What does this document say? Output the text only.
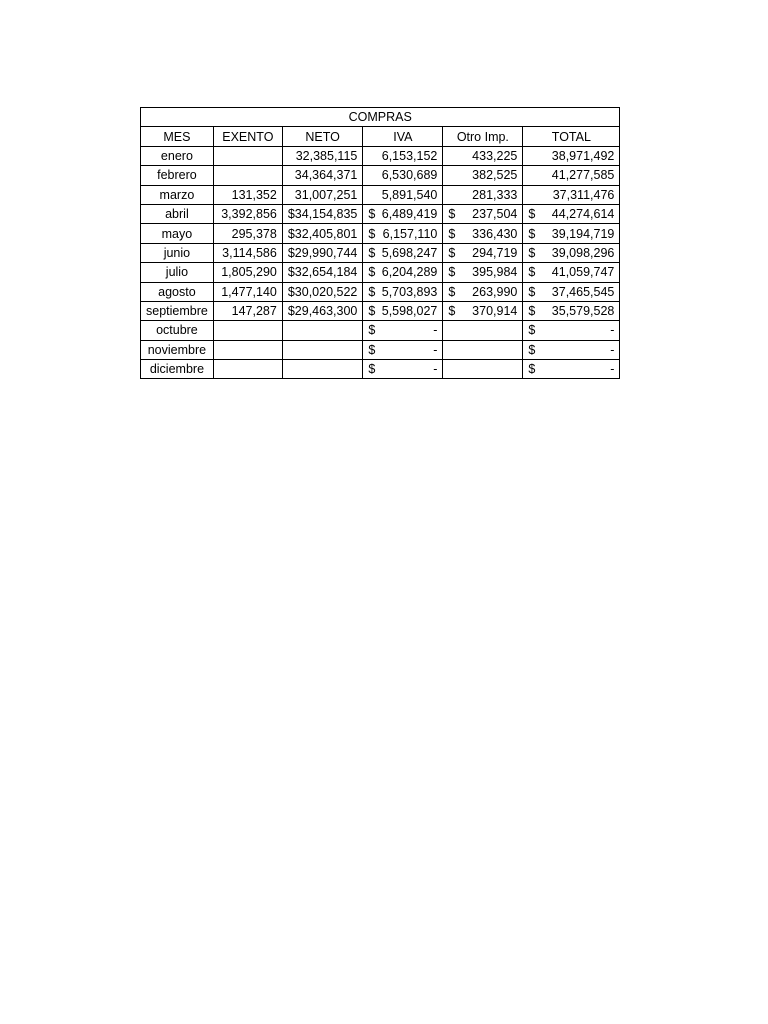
COMPRAS					
MES	EXENTO	NETO	IVA	Otro Imp.	TOTAL
enero		32,385,115	6,153,152	433,225	38,971,492

febrero		34,364,371	6,530,689	382,525	41,277,585

marzo	131,352	31,007,251	5,891,540	281,333	37,311,476

abril	3,392,856	$34,154,835	$ 6,489,419	$ 237,504	$ 44,274,614

mayo	295,378	$32,405,801	$ 6,157,110	$ 336,430	$ 39,194,719

junio	3,114,586	$29,990,744	$ 5,698,247	$ 294,719	$ 39,098,296

julio	1,805,290	$32,654,184	$ 6,204,289	$ 395,984	$ 41,059,747

agosto	1,477,140	$30,020,522	$ 5,703,893	$ 263,990	$ 37,465,545

septiembre	147,287	$29,463,300	$ 5,598,027	$ 370,914	$ 35,579,528

octubre			$ -		$ -

noviembre			$ -		$ -

diciembre			$ -		$ -
